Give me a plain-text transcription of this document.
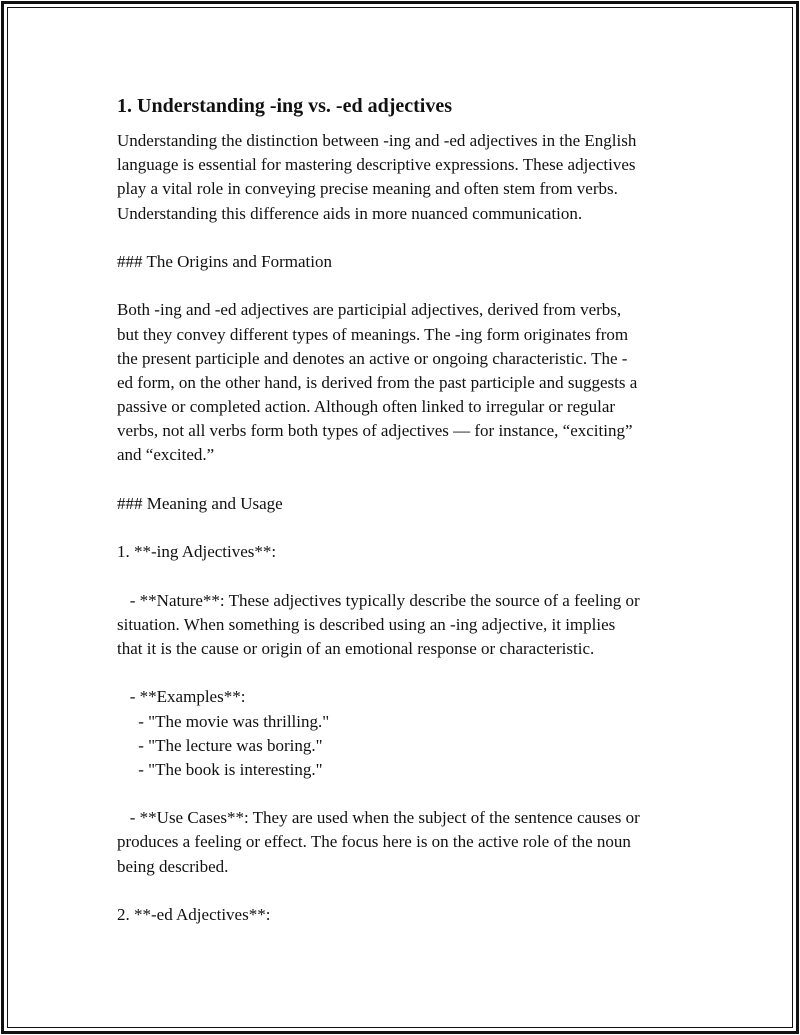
1. Understanding -ing vs. -ed adjectives
Understanding the distinction between -ing and -ed adjectives in the English
language is essential for mastering descriptive expressions. These adjectives
play a vital role in conveying precise meaning and often stem from verbs.
Understanding this difference aids in more nuanced communication.
### The Origins and Formation
Both -ing and -ed adjectives are participial adjectives, derived from verbs,
but they convey different types of meanings. The -ing form originates from
the present participle and denotes an active or ongoing characteristic. The -
ed form, on the other hand, is derived from the past participle and suggests a
passive or completed action. Although often linked to irregular or regular
verbs, not all verbs form both types of adjectives — for instance, “exciting”
and “excited.”
### Meaning and Usage
1. **-ing Adjectives**:
- **Nature**: These adjectives typically describe the source of a feeling or
situation. When something is described using an -ing adjective, it implies
that it is the cause or origin of an emotional response or characteristic.
- **Examples**:
- "The movie was thrilling."
- "The lecture was boring."
- "The book is interesting."
- **Use Cases**: They are used when the subject of the sentence causes or
produces a feeling or effect. The focus here is on the active role of the noun
being described.
2. **-ed Adjectives**:
